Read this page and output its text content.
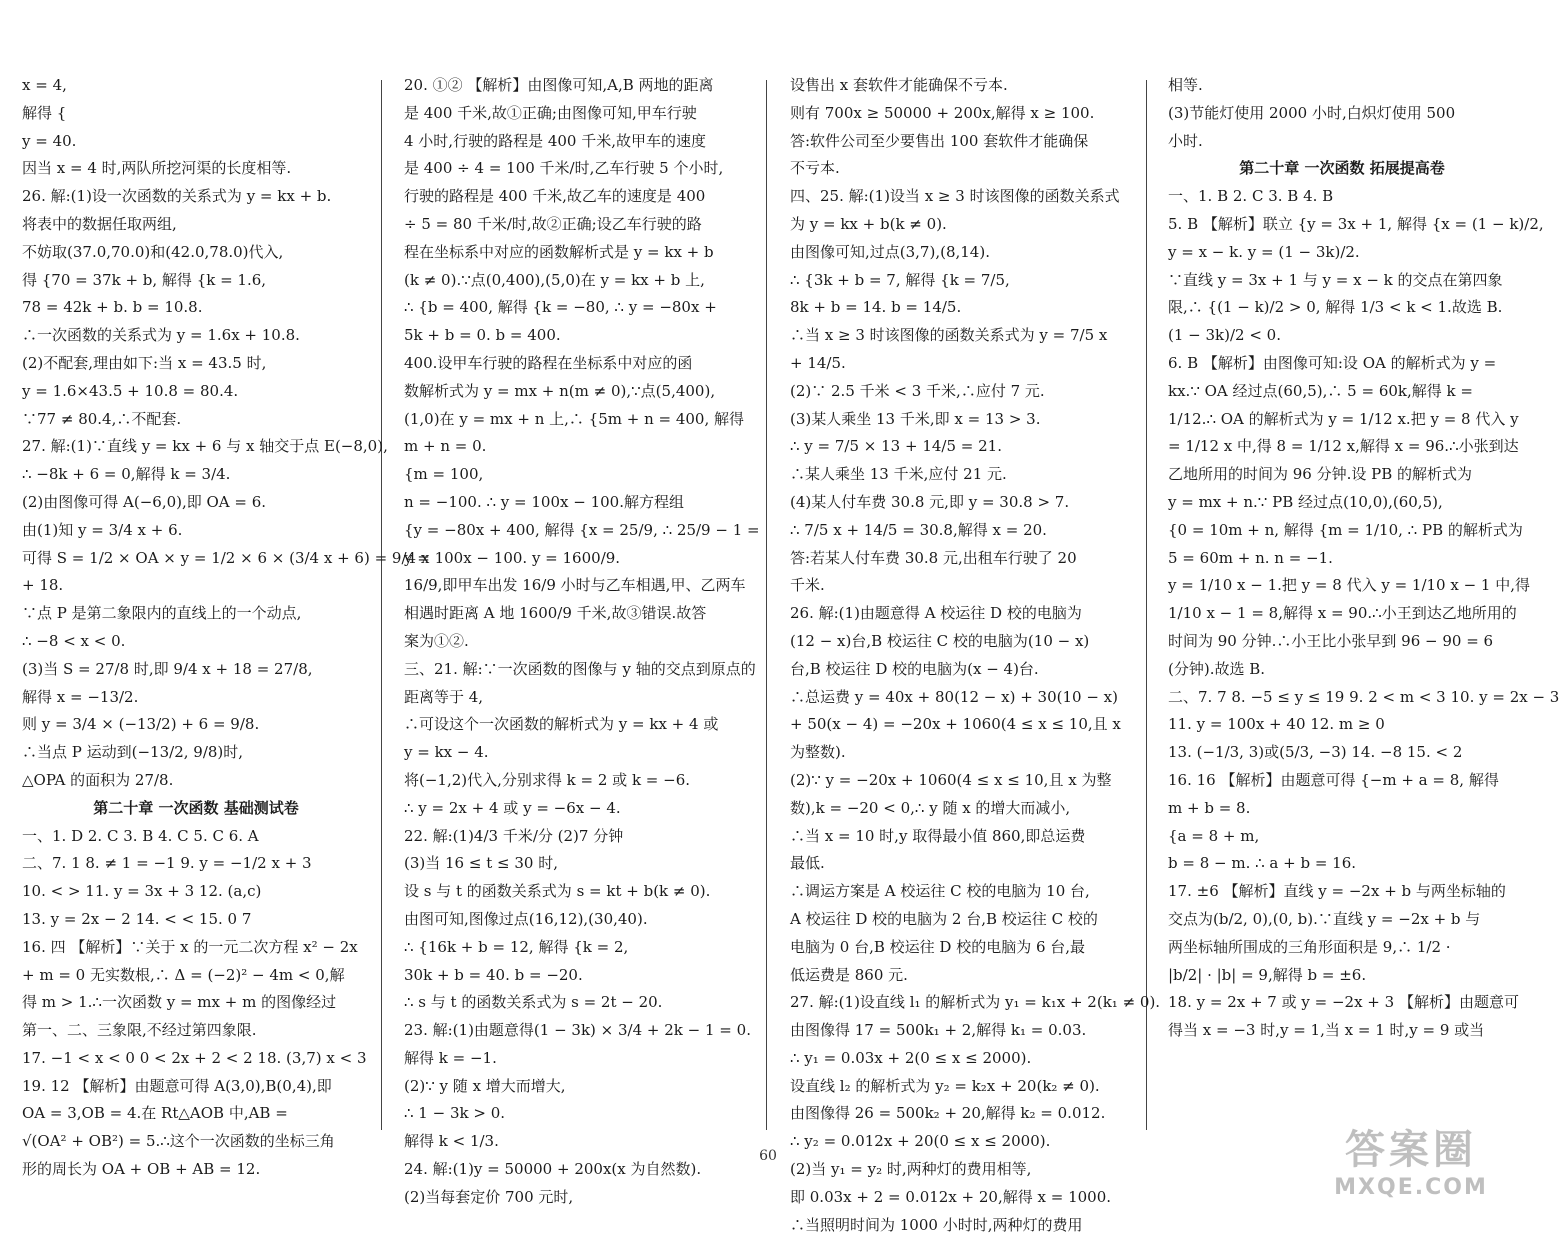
x = 4,
解得 {
y = 40.
因当 x = 4 时,两队所挖河渠的长度相等.
26. 解:(1)设一次函数的关系式为 y = kx + b.
将表中的数据任取两组,
不妨取(37.0,70.0)和(42.0,78.0)代入,
得 {70 = 37k + b, 解得 {k = 1.6,
78 = 42k + b. b = 10.8.
∴一次函数的关系式为 y = 1.6x + 10.8.
(2)不配套,理由如下:当 x = 43.5 时,
y = 1.6×43.5 + 10.8 = 80.4.
∵77 ≠ 80.4,∴不配套.
27. 解:(1)∵直线 y = kx + 6 与 x 轴交于点 E(−8,0),
∴ −8k + 6 = 0,解得 k = 3/4.
(2)由图像可得 A(−6,0),即 OA = 6.
由(1)知 y = 3/4 x + 6.
可得 S = 1/2 × OA × y = 1/2 × 6 × (3/4 x + 6) = 9/4 x
+ 18.
∵点 P 是第二象限内的直线上的一个动点,
∴ −8 < x < 0.
(3)当 S = 27/8 时,即 9/4 x + 18 = 27/8,
解得 x = −13/2.
则 y = 3/4 × (−13/2) + 6 = 9/8.
∴当点 P 运动到(−13/2, 9/8)时,
△OPA 的面积为 27/8.
第二十章 一次函数 基础测试卷
一、1. D 2. C 3. B 4. C 5. C 6. A
二、7. 1 8. ≠ 1 = −1 9. y = −1/2 x + 3
10. < > 11. y = 3x + 3 12. (a,c)
13. y = 2x − 2 14. < < 15. 0 7
16. 四 【解析】∵关于 x 的一元二次方程 x² − 2x
+ m = 0 无实数根,∴ Δ = (−2)² − 4m < 0,解
得 m > 1.∴一次函数 y = mx + m 的图像经过
第一、二、三象限,不经过第四象限.
17. −1 < x < 0 0 < 2x + 2 < 2 18. (3,7) x < 3
19. 12 【解析】由题意可得 A(3,0),B(0,4),即
OA = 3,OB = 4.在 Rt△AOB 中,AB =
√(OA² + OB²) = 5.∴这个一次函数的坐标三角
形的周长为 OA + OB + AB = 12.
20. ①② 【解析】由图像可知,A,B 两地的距离
是 400 千米,故①正确;由图像可知,甲车行驶
4 小时,行驶的路程是 400 千米,故甲车的速度
是 400 ÷ 4 = 100 千米/时,乙车行驶 5 个小时,
行驶的路程是 400 千米,故乙车的速度是 400
÷ 5 = 80 千米/时,故②正确;设乙车行驶的路
程在坐标系中对应的函数解析式是 y = kx + b
(k ≠ 0).∵点(0,400),(5,0)在 y = kx + b 上,
∴ {b = 400, 解得 {k = −80, ∴ y = −80x +
5k + b = 0. b = 400.
400.设甲车行驶的路程在坐标系中对应的函
数解析式为 y = mx + n(m ≠ 0),∵点(5,400),
(1,0)在 y = mx + n 上,∴ {5m + n = 400, 解得
m + n = 0.
{m = 100,
n = −100. ∴ y = 100x − 100.解方程组
{y = −80x + 400, 解得 {x = 25/9, ∴ 25/9 − 1 =
y = 100x − 100. y = 1600/9.
16/9,即甲车出发 16/9 小时与乙车相遇,甲、乙两车
相遇时距离 A 地 1600/9 千米,故③错误.故答
案为①②.
三、21. 解:∵一次函数的图像与 y 轴的交点到原点的
距离等于 4,
∴可设这个一次函数的解析式为 y = kx + 4 或
y = kx − 4.
将(−1,2)代入,分别求得 k = 2 或 k = −6.
∴ y = 2x + 4 或 y = −6x − 4.
22. 解:(1)4/3 千米/分 (2)7 分钟
(3)当 16 ≤ t ≤ 30 时,
设 s 与 t 的函数关系式为 s = kt + b(k ≠ 0).
由图可知,图像过点(16,12),(30,40).
∴ {16k + b = 12, 解得 {k = 2,
30k + b = 40. b = −20.
∴ s 与 t 的函数关系式为 s = 2t − 20.
23. 解:(1)由题意得(1 − 3k) × 3/4 + 2k − 1 = 0.
解得 k = −1.
(2)∵ y 随 x 增大而增大,
∴ 1 − 3k > 0.
解得 k < 1/3.
24. 解:(1)y = 50000 + 200x(x 为自然数).
(2)当每套定价 700 元时,
设售出 x 套软件才能确保不亏本.
则有 700x ≥ 50000 + 200x,解得 x ≥ 100.
答:软件公司至少要售出 100 套软件才能确保
不亏本.
四、25. 解:(1)设当 x ≥ 3 时该图像的函数关系式
为 y = kx + b(k ≠ 0).
由图像可知,过点(3,7),(8,14).
∴ {3k + b = 7, 解得 {k = 7/5,
8k + b = 14. b = 14/5.
∴当 x ≥ 3 时该图像的函数关系式为 y = 7/5 x
+ 14/5.
(2)∵ 2.5 千米 < 3 千米,∴应付 7 元.
(3)某人乘坐 13 千米,即 x = 13 > 3.
∴ y = 7/5 × 13 + 14/5 = 21.
∴某人乘坐 13 千米,应付 21 元.
(4)某人付车费 30.8 元,即 y = 30.8 > 7.
∴ 7/5 x + 14/5 = 30.8,解得 x = 20.
答:若某人付车费 30.8 元,出租车行驶了 20
千米.
26. 解:(1)由题意得 A 校运往 D 校的电脑为
(12 − x)台,B 校运往 C 校的电脑为(10 − x)
台,B 校运往 D 校的电脑为(x − 4)台.
∴总运费 y = 40x + 80(12 − x) + 30(10 − x)
+ 50(x − 4) = −20x + 1060(4 ≤ x ≤ 10,且 x
为整数).
(2)∵ y = −20x + 1060(4 ≤ x ≤ 10,且 x 为整
数),k = −20 < 0,∴ y 随 x 的增大而减小,
∴当 x = 10 时,y 取得最小值 860,即总运费
最低.
∴调运方案是 A 校运往 C 校的电脑为 10 台,
A 校运往 D 校的电脑为 2 台,B 校运往 C 校的
电脑为 0 台,B 校运往 D 校的电脑为 6 台,最
低运费是 860 元.
27. 解:(1)设直线 l₁ 的解析式为 y₁ = k₁x + 2(k₁ ≠ 0).
由图像得 17 = 500k₁ + 2,解得 k₁ = 0.03.
∴ y₁ = 0.03x + 2(0 ≤ x ≤ 2000).
设直线 l₂ 的解析式为 y₂ = k₂x + 20(k₂ ≠ 0).
由图像得 26 = 500k₂ + 20,解得 k₂ = 0.012.
∴ y₂ = 0.012x + 20(0 ≤ x ≤ 2000).
(2)当 y₁ = y₂ 时,两种灯的费用相等,
即 0.03x + 2 = 0.012x + 20,解得 x = 1000.
∴当照明时间为 1000 小时时,两种灯的费用
相等.
(3)节能灯使用 2000 小时,白炽灯使用 500
小时.
第二十章 一次函数 拓展提高卷
一、1. B 2. C 3. B 4. B
5. B 【解析】联立 {y = 3x + 1, 解得 {x = (1 − k)/2,
y = x − k. y = (1 − 3k)/2.
∵直线 y = 3x + 1 与 y = x − k 的交点在第四象
限,∴ {(1 − k)/2 > 0, 解得 1/3 < k < 1.故选 B.
(1 − 3k)/2 < 0.
6. B 【解析】由图像可知:设 OA 的解析式为 y =
kx.∵ OA 经过点(60,5),∴ 5 = 60k,解得 k =
1/12.∴ OA 的解析式为 y = 1/12 x.把 y = 8 代入 y
= 1/12 x 中,得 8 = 1/12 x,解得 x = 96.∴小张到达
乙地所用的时间为 96 分钟.设 PB 的解析式为
y = mx + n.∵ PB 经过点(10,0),(60,5),
{0 = 10m + n, 解得 {m = 1/10, ∴ PB 的解析式为
5 = 60m + n. n = −1.
y = 1/10 x − 1.把 y = 8 代入 y = 1/10 x − 1 中,得
1/10 x − 1 = 8,解得 x = 90.∴小王到达乙地所用的
时间为 90 分钟.∴小王比小张早到 96 − 90 = 6
(分钟).故选 B.
二、7. 7 8. −5 ≤ y ≤ 19 9. 2 < m < 3 10. y = 2x − 3
11. y = 100x + 40 12. m ≥ 0
13. (−1/3, 3)或(5/3, −3) 14. −8 15. < 2
16. 16 【解析】由题意可得 {−m + a = 8, 解得
m + b = 8.
{a = 8 + m,
b = 8 − m. ∴ a + b = 16.
17. ±6 【解析】直线 y = −2x + b 与两坐标轴的
交点为(b/2, 0),(0, b).∵直线 y = −2x + b 与
两坐标轴所围成的三角形面积是 9,∴ 1/2 ·
|b/2| · |b| = 9,解得 b = ±6.
18. y = 2x + 7 或 y = −2x + 3 【解析】由题意可
得当 x = −3 时,y = 1,当 x = 1 时,y = 9 或当
60	答案圈
MXQE.COM
